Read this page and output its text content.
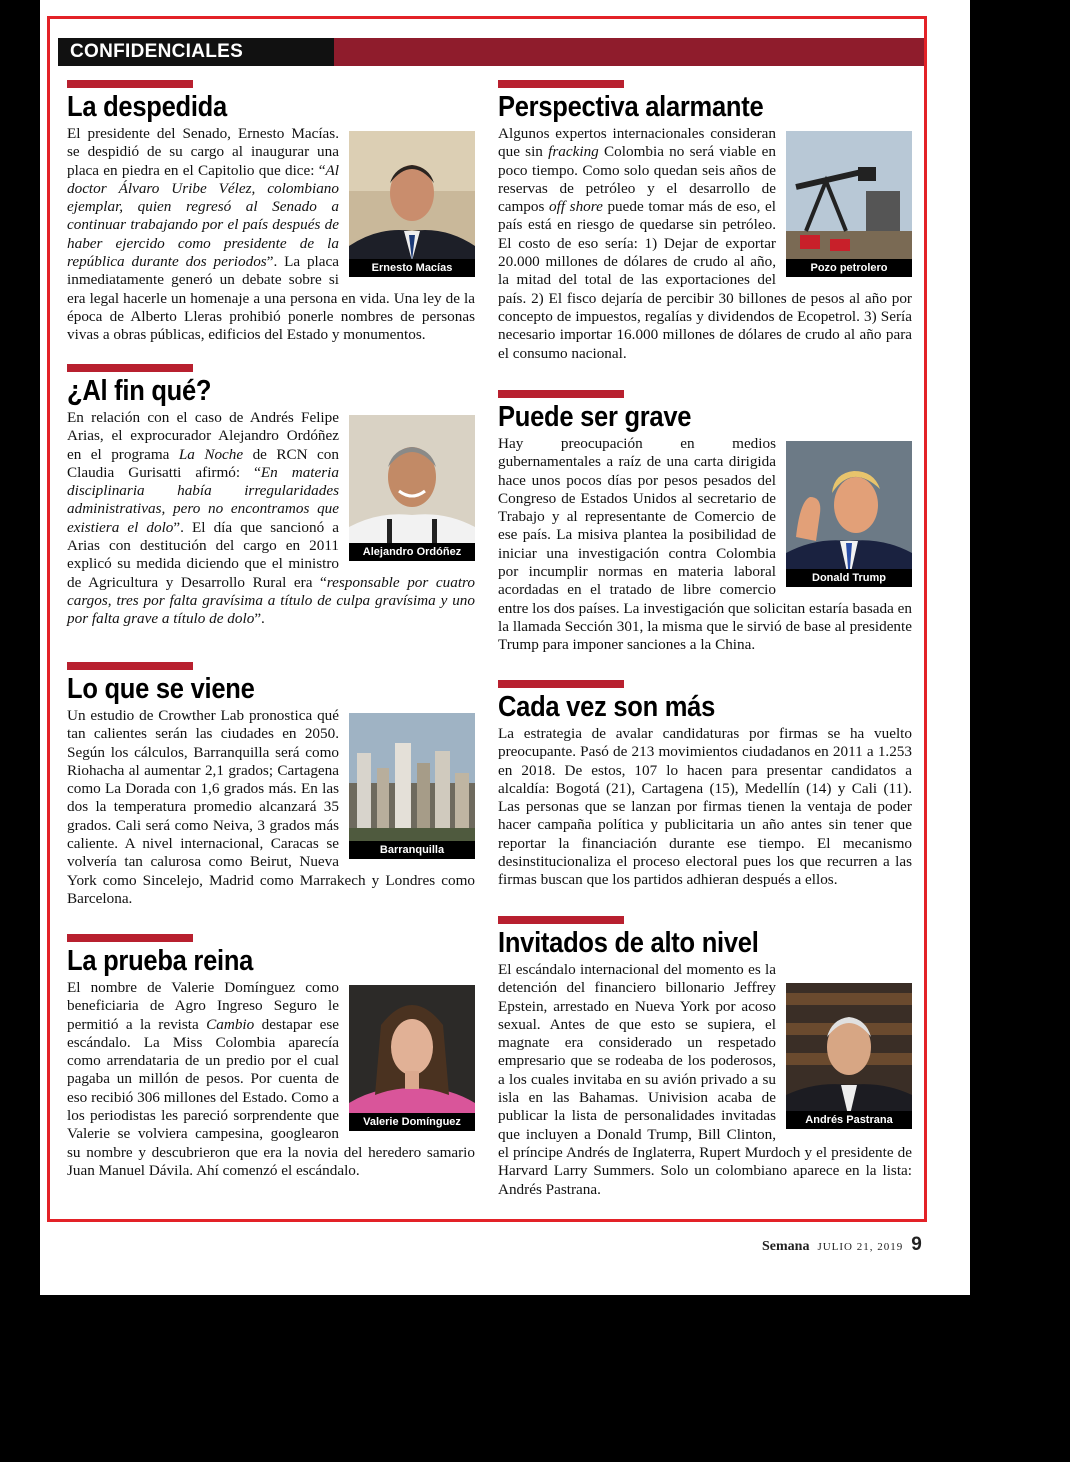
CONFIDENCIALES
La despedida

Ernesto Macías
El presidente del Senado, Ernesto Macías. se despidió de su cargo al inaugurar una placa en piedra en el Capitolio que dice: “Al doctor Álvaro Uribe Vélez, colombiano ejemplar, quien regresó al Senado a continuar trabajando por el país después de haber ejercido como presidente de la república durante dos periodos”. La placa inmediatamente generó un debate sobre si era legal hacerle un homenaje a una persona en vida. Una ley de la época de Alberto Lleras prohibió ponerle nombres de personas vivas a obras públicas, edificios del Estado y monumentos.

¿Al fin qué?

Alejandro Ordóñez
En relación con el caso de Andrés Felipe Arias, el exprocurador Alejandro Ordóñez en el programa La Noche de RCN con Claudia Gurisatti afirmó: “En materia disciplinaria había irregularidades administrativas, pero no encontramos que existiera el dolo”. El día que sancionó a Arias con destitución del cargo en 2011 explicó su medida diciendo que el ministro de Agricultura y Desarrollo Rural era “responsable por cuatro cargos, tres por falta gravísima a título de culpa gravísima y uno por falta grave a título de dolo”.

Lo que se viene

Barranquilla
Un estudio de Crowther Lab pronostica qué tan calientes serán las ciudades en 2050. Según los cálculos, Barranquilla será como Riohacha al aumentar 2,1 grados; Cartagena como La Dorada con 1,6 grados más. En las dos la temperatura promedio alcanzará 35 grados. Cali será como Neiva, 3 grados más caliente. A nivel internacional, Caracas se volvería tan calurosa como Beirut, Nueva York como Sincelejo, Madrid como Marrakech y Londres como Barcelona.

La prueba reina

Valerie Domínguez
El nombre de Valerie Domínguez como beneficiaria de Agro Ingreso Seguro le permitió a la revista Cambio destapar ese escándalo. La Miss Colombia aparecía como arrendataria de un predio por el cual pagaba un millón de pesos. Por cuenta de eso recibió 306 millones del Estado. Como a los periodistas les pareció sorprendente que Valerie se volviera campesina, googlearon su nombre y descubrieron que era la novia del heredero samario Juan Manuel Dávila. Ahí comenzó el escándalo.

Perspectiva alarmante

Pozo petrolero
Algunos expertos internacionales consideran que sin fracking Colombia no será viable en poco tiempo. Como solo quedan seis años de reservas de petróleo y el desarrollo de campos off shore puede tomar más de eso, el país está en riesgo de quedarse sin petróleo. El costo de eso sería: 1) Dejar de exportar 20.000 millones de dólares de crudo al año, la mitad del total de las exportaciones del país. 2) El fisco dejaría de percibir 30 billones de pesos al año por concepto de impuestos, regalías y dividendos de Ecopetrol. 3) Sería necesario importar 16.000 millones de dólares de crudo al año para el consumo nacional.

Puede ser grave

Donald Trump
Hay preocupación en medios gubernamentales a raíz de una carta dirigida hace unos pocos días por pesos pesados del Congreso de Estados Unidos al secretario de Trabajo y al representante de Comercio de ese país. La misiva plantea la posibilidad de iniciar una investigación contra Colombia por incumplir normas en materia laboral acordadas en el tratado de libre comercio entre los dos países. La investigación que solicitan estaría basada en la llamada Sección 301, la misma que le sirvió de base al presidente Trump para imponer sanciones a la China.

Cada vez son más

La estrategia de avalar candidaturas por firmas se ha vuelto preocupante. Pasó de 213 movimientos ciudadanos en 2011 a 1.253 en 2018. De estos, 107 lo hacen para presentar candidatos a alcaldía: Bogotá (21), Cartagena (15), Medellín (14) y Cali (11). Las personas que se lanzan por firmas tienen la ventaja de poder hacer campaña política y publicitaria un año antes sin tener que reportar la financiación durante ese tiempo. El mecanismo desinstitucionaliza el proceso electoral pues los que recurren a las firmas buscan que los partidos adhieran después a ellos.

Invitados de alto nivel

Andrés Pastrana
El escándalo internacional del momento es la detención del financiero billonario Jeffrey Epstein, arrestado en Nueva York por acoso sexual. Antes de que esto se supiera, el magnate era considerado un respetado empresario que se rodeaba de los poderosos, a los cuales invitaba en su avión privado a su isla en las Bahamas. Univision acaba de publicar la lista de personalidades invitadas que incluyen a Donald Trump, Bill Clinton, el príncipe Andrés de Inglaterra, Rupert Murdoch y el presidente de Harvard Larry Summers. Solo un colombiano aparece en la lista: Andrés Pastrana.

Semana JULIO 21, 2019 9
